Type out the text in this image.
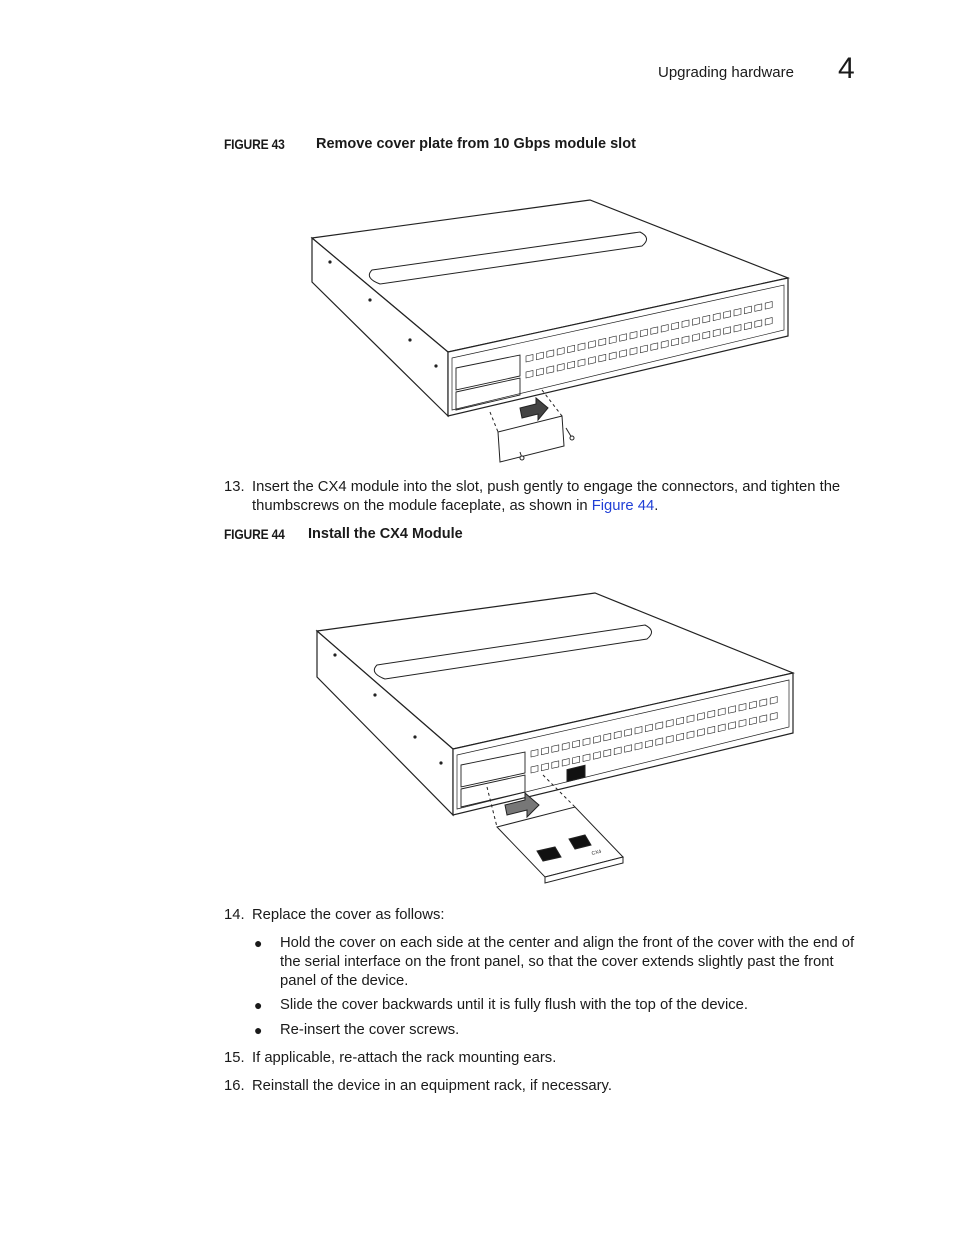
Upgrading hardware 4
FIGURE 43 Remove cover plate from 10 Gbps module slot
13. Insert the CX4 module into the slot, push gently to engage the connectors, and tighten the thumbscrews on the module faceplate, as shown in Figure 44.
FIGURE 44 Install the CX4 Module
CX4
14. Replace the cover as follows:
● Hold the cover on each side at the center and align the front of the cover with the end of the serial interface on the front panel, so that the cover extends slightly past the front panel of the device.
● Slide the cover backwards until it is fully flush with the top of the device.
● Re-insert the cover screws.
15. If applicable, re-attach the rack mounting ears.
16. Reinstall the device in an equipment rack, if necessary.
